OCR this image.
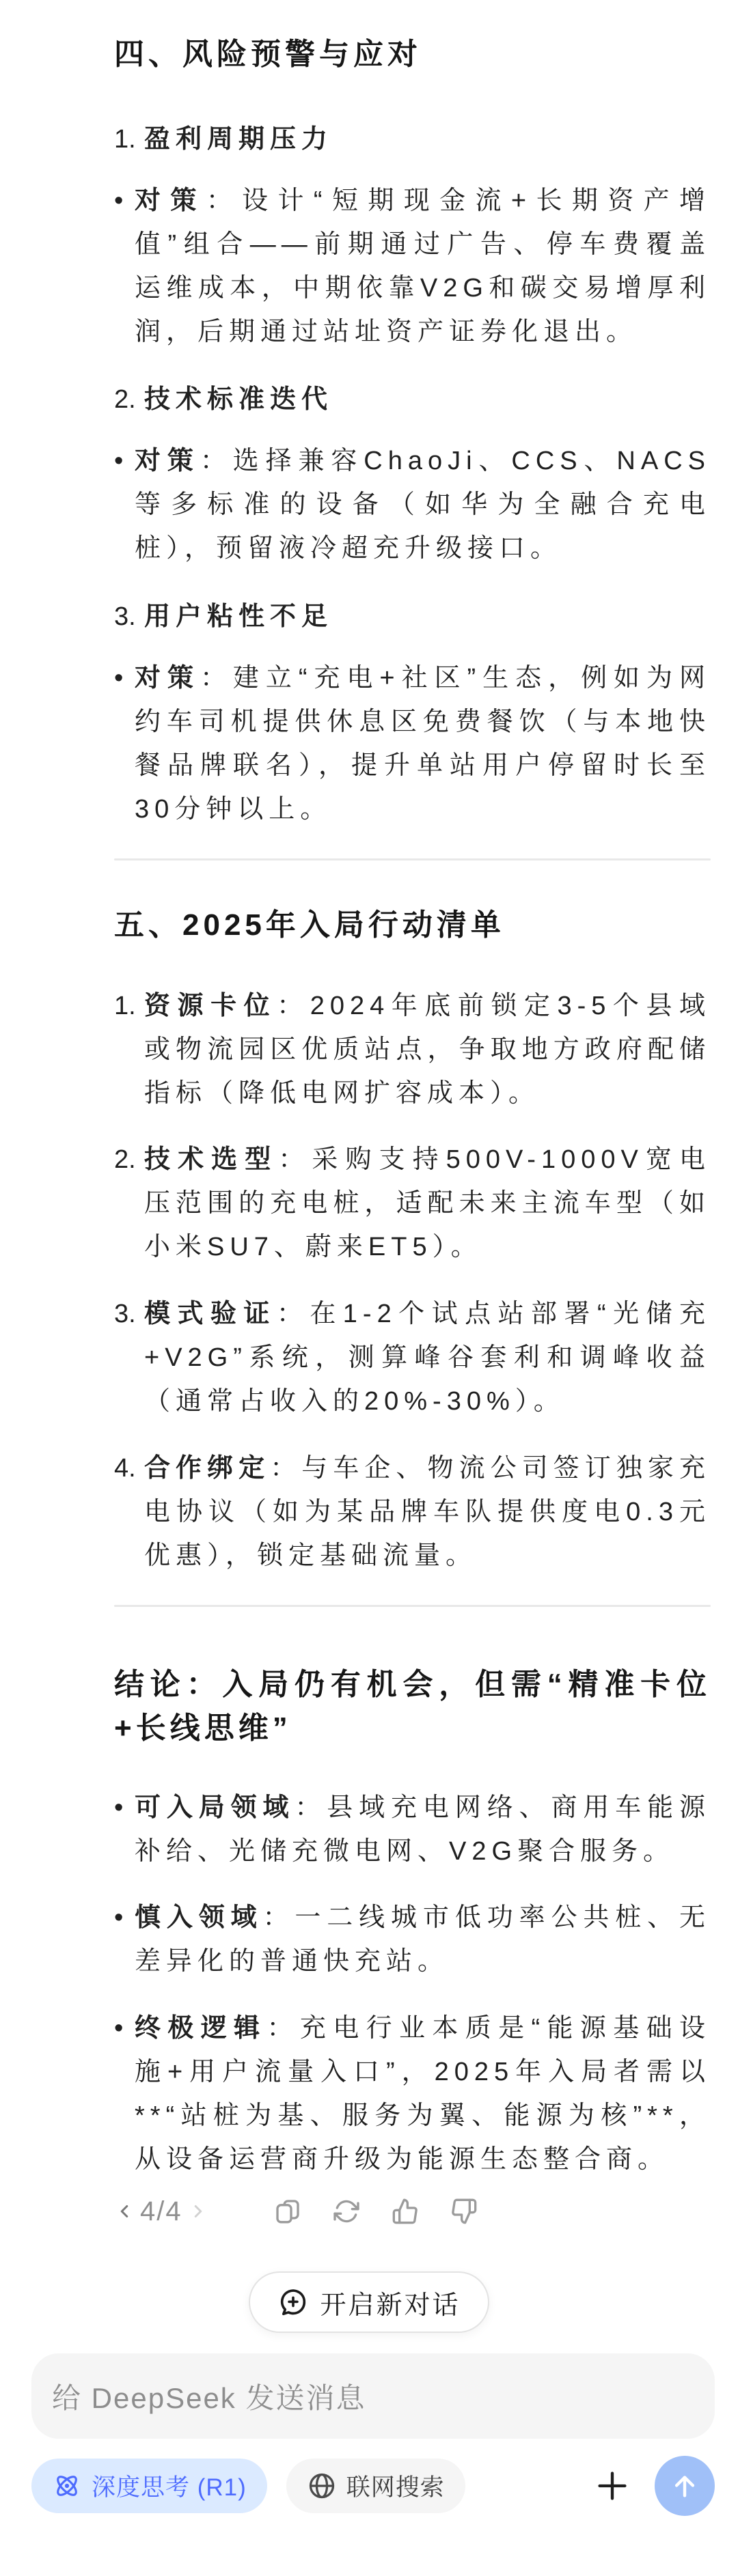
四、风险预警与应对
1. 盈利周期压力
• 对策：设计“短期现金流+长期资产增值”组合——前期通过广告、停车费覆盖运维成本，中期依靠V2G和碳交易增厚利润，后期通过站址资产证券化退出。
2. 技术标准迭代
• 对策：选择兼容ChaoJi、CCS、NACS等多标准的设备（如华为全融合充电桩），预留液冷超充升级接口。
3. 用户粘性不足
• 对策：建立“充电+社区”生态，例如为网约车司机提供休息区免费餐饮（与本地快餐品牌联名），提升单站用户停留时长至30分钟以上。
五、2025年入局行动清单
1. 资源卡位：2024年底前锁定3-5个县域或物流园区优质站点，争取地方政府配储指标（降低电网扩容成本）。
2. 技术选型：采购支持500V-1000V宽电压范围的充电桩，适配未来主流车型（如小米SU7、蔚来ET5）。
3. 模式验证：在1-2个试点站部署“光储充+V2G”系统，测算峰谷套利和调峰收益（通常占收入的20%-30%）。
4. 合作绑定：与车企、物流公司签订独家充电协议（如为某品牌车队提供度电0.3元优惠），锁定基础流量。
结论：入局仍有机会，但需“精准卡位+长线思维”
• 可入局领域：县域充电网络、商用车能源补给、光储充微电网、V2G聚合服务。
• 慎入领域：一二线城市低功率公共桩、无差异化的普通快充站。
• 终极逻辑：充电行业本质是“能源基础设施+用户流量入口”，2025年入局者需以**“站桩为基、服务为翼、能源为核”**，从设备运营商升级为能源生态整合商。
4/4
开启新对话
给 DeepSeek 发送消息
深度思考 (R1)	联网搜索
